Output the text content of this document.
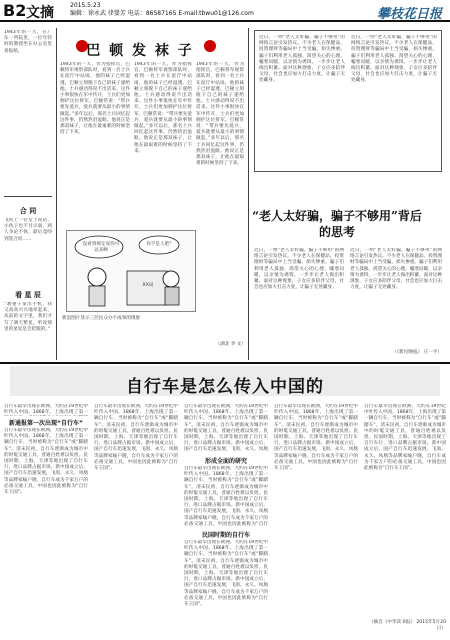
B2 文摘	2015.5.23
编辑：徐永武 律婴芳 电话：86587165 E-mail:tbwu01@126.com	攀枝花日报
1943年的一天，在广东一所院里，一位年轻时的教授坐在办公室里看报纸。
合 同
飞机上一位女士说话，小伙子也不甘示弱，两人争论不休，最后竟吵到签合同……
看 星 辰
“教妻子拿出手机，我又高高兴兴地举起来，从前的文字里，我们才写了满天繁星，听说那里的星星是会眨眼的。”
巴 顿 发 袜 子
1943年的一天，作为指挥官，巴顿将军视察部队时，看到一名士兵在泥泞中站岗，他的袜子已经湿透。巴顿立刻脱下自己的袜子递给他。士兵感动得说不出话来。这件小事很快在军中传开，士兵们更加拥护这位将军。巴顿常说：“带兵要先爱兵，爱兵就要从最小的事情做起。”多年以后，那名士兵回忆起这件事，仍然热泪盈眶。他说正是那双袜子，让他在最艰难的时候坚持了下来。
1943年的一天，作为指挥官，巴顿将军视察部队时，看到一名士兵在泥泞中站岗，他的袜子已经湿透。巴顿立刻脱下自己的袜子递给他。士兵感动得说不出话来。这件小事很快在军中传开，士兵们更加拥护这位将军。巴顿常说：“带兵要先爱兵，爱兵就要从最小的事情做起。”多年以后，那名士兵回忆起这件事，仍然热泪盈眶。他说正是那双袜子，让他在最艰难的时候坚持了下来。
1943年的一天，作为指挥官，巴顿将军视察部队时，看到一名士兵在泥泞中站岗，他的袜子已经湿透。巴顿立刻脱下自己的袜子递给他。士兵感动得说不出话来。这件小事很快在军中传开，士兵们更加拥护这位将军。巴顿常说：“带兵要先爱兵，爱兵就要从最小的事情做起。”多年以后，那名士兵回忆起这件事，仍然热泪盈眶。他说正是那双袜子，让他在最艰难的时候坚持了下来。
没看到规定说你可以来啊
你不是人吧？
XX局
新浪图片显示三层民众办不成事的现象
（湖北 李 文）
近日，一则“老人太好骗，骗子不够用”的网络言论引发热议。不少老人在保健品、投资理财等骗局中上当受骗，损失惨重。骗子们利用老人孤独、渴望关心的心理，嘘寒问暖，以亲情为诱饵，一步步让老人掏出积蓄。面对这种现象，子女应多陪伴父母，社会也应加大打击力度，让骗子无处藏身。
近日，一则“老人太好骗，骗子不够用”的网络言论引发热议。不少老人在保健品、投资理财等骗局中上当受骗，损失惨重。骗子们利用老人孤独、渴望关心的心理，嘘寒问暖，以亲情为诱饵，一步步让老人掏出积蓄。面对这种现象，子女应多陪伴父母，社会也应加大打击力度，让骗子无处藏身。
“老人太好骗，骗子不够用”背后的思考
近日，一则“老人太好骗，骗子不够用”的网络言论引发热议。不少老人在保健品、投资理财等骗局中上当受骗，损失惨重。骗子们利用老人孤独、渴望关心的心理，嘘寒问暖，以亲情为诱饵，一步步让老人掏出积蓄。面对这种现象，子女应多陪伴父母，社会也应加大打击力度，让骗子无处藏身。
近日，一则“老人太好骗，骗子不够用”的网络言论引发热议。不少老人在保健品、投资理财等骗局中上当受骗，损失惨重。骗子们利用老人孤独、渴望关心的心理，嘘寒问暖，以亲情为诱饵，一步步让老人掏出积蓄。面对这种现象，子女应多陪伴父母，社会也应加大打击力度，让骗子无处藏身。
（《新民晚报》 庄一平）
自行车是怎么传入中国的
自行车最早出现在欧洲，大约在19世纪中叶传入中国。1868年，上海出现了第一
新通报第一次出现“自行车”
自行车最早出现在欧洲，大约在19世纪中叶传入中国。1868年，上海出现了第一辆自行车，当时被称为“自行车”或“脚踏车”。清末民初，自行车逐渐成为城市中的时髦交通工具，普通百姓难以负担。民国时期，上海、天津等地出现了自行车行，进口品牌占据市场。新中国成立后，国产自行车迅速发展，飞鸽、永久、凤凰等品牌家喻户晓，自行车成为千家万户的必备交通工具，中国也因此被称为“自行车王国”。
自行车最早出现在欧洲，大约在19世纪中叶传入中国。1868年，上海出现了第一辆自行车，当时被称为“自行车”或“脚踏车”。清末民初，自行车逐渐成为城市中的时髦交通工具，普通百姓难以负担。民国时期，上海、天津等地出现了自行车行，进口品牌占据市场。新中国成立后，国产自行车迅速发展，飞鸽、永久、凤凰等品牌家喻户晓，自行车成为千家万户的必备交通工具，中国也因此被称为“自行车王国”。
自行车最早出现在欧洲，大约在19世纪中叶传入中国。1868年，上海出现了第一辆自行车，当时被称为“自行车”或“脚踏车”。清末民初，自行车逐渐成为城市中的时髦交通工具，普通百姓难以负担。民国时期，上海、天津等地出现了自行车行，进口品牌占据市场。新中国成立后，国产自行车迅速发展，飞鸽、永久、凤凰
形成全面的研究
自行车最早出现在欧洲，大约在19世纪中叶传入中国。1868年，上海出现了第一辆自行车，当时被称为“自行车”或“脚踏车”。清末民初，自行车逐渐成为城市中的时髦交通工具，普通百姓难以负担。民国时期，上海、天津等地出现了自行车行，进口品牌占据市场。新中国成立后，国产自行车迅速发展，飞鸽、永久、凤凰等品牌家喻户晓，自行车成为千家万户的必备交通工具，中国也因此被称为“自行
民国时期的自行车
自行车最早出现在欧洲，大约在19世纪中叶传入中国。1868年，上海出现了第一辆自行车，当时被称为“自行车”或“脚踏车”。清末民初，自行车逐渐成为城市中的时髦交通工具，普通百姓难以负担。民国时期，上海、天津等地出现了自行车行，进口品牌占据市场。新中国成立后，国产自行车迅速发展，飞鸽、永久、凤凰等品牌家喻户晓，自行车成为千家万户的必备交通工具，中国也因此被称为“自行车王国”。
自行车最早出现在欧洲，大约在19世纪中叶传入中国。1868年，上海出现了第一辆自行车，当时被称为“自行车”或“脚踏车”。清末民初，自行车逐渐成为城市中的时髦交通工具，普通百姓难以负担。民国时期，上海、天津等地出现了自行车行，进口品牌占据市场。新中国成立后，国产自行车迅速发展，飞鸽、永久、凤凰等品牌家喻户晓，自行车成为千家万户的必备交通工具，中国也因此被称为“自行车王国”。
自行车最早出现在欧洲，大约在19世纪中叶传入中国。1868年，上海出现了第一辆自行车，当时被称为“自行车”或“脚踏车”。清末民初，自行车逐渐成为城市中的时髦交通工具，普通百姓难以负担。民国时期，上海、天津等地出现了自行车行，进口品牌占据市场。新中国成立后，国产自行车迅速发展，飞鸽、永久、凤凰等品牌家喻户晓，自行车成为千家万户的必备交通工具，中国也因此被称为“自行车王国”。
（摘自《中华读书报》 2015年5月20日）
